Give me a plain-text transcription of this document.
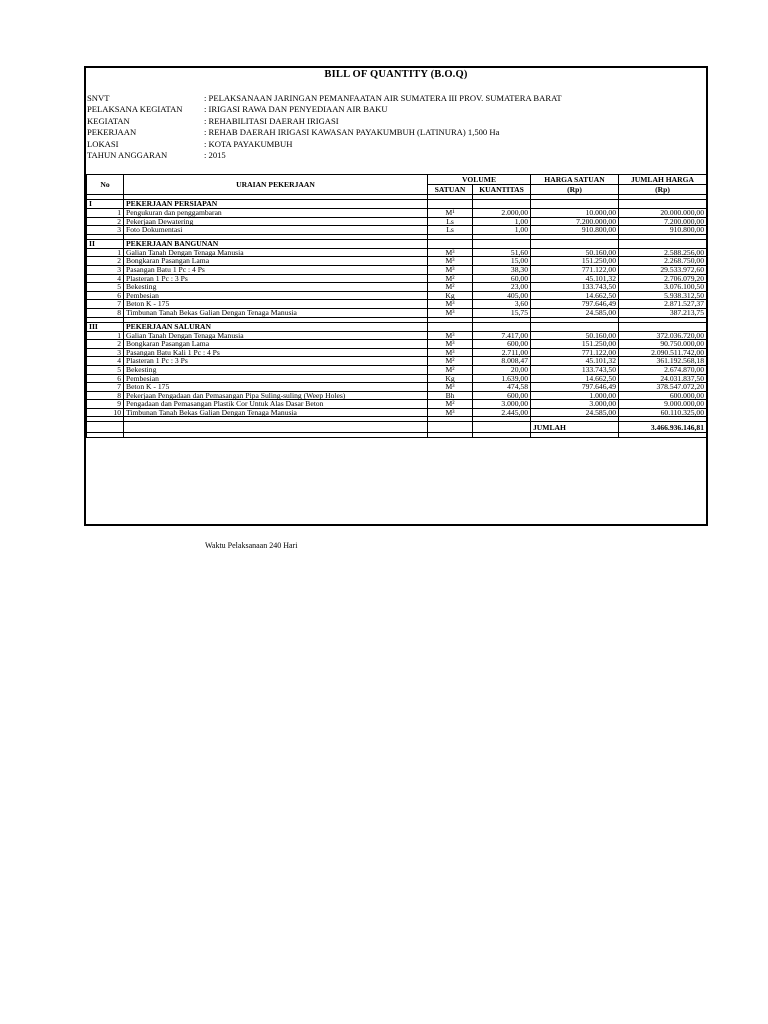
BILL OF QUANTITY (B.O.Q)
SNVT	: PELAKSANAAN JARINGAN PEMANFAATAN AIR SUMATERA III PROV. SUMATERA BARAT
PELAKSANA KEGIATAN : IRIGASI RAWA DAN PENYEDIAAN AIR BAKU
KEGIATAN	: REHABILITASI DAERAH IRIGASI
PEKERJAAN	: REHAB DAERAH IRIGASI KAWASAN PAYAKUMBUH (LATINURA) 1,500 Ha
LOKASI	: KOTA PAYAKUMBUH
TAHUN ANGGARAN	: 2015
No	URAIAN PEKERJAAN	VOLUME		HARGA SATUAN	JUMLAH HARGA
		SATUAN	KUANTITAS	(Rp)	(Rp)

I	PEKERJAAN PERSIAPAN				
1	Pengukuran dan penggambaran	M¹	2.000,00	10.000,00	20.000.000,00
2	Pekerjaan Dewatering	Ls	1,00	7.200.000,00	7.200.000,00
3	Foto Dokumentasi	Ls	1,00	910.800,00	910.800,00

II	PEKERJAAN BANGUNAN				
1	Galian Tanah Dengan Tenaga Manusia	M³	51,60	50.160,00	2.588.256,00
2	Bongkaran Pasangan Lama	M³	15,00	151.250,00	2.268.750,00
3	Pasangan Batu 1 Pc : 4 Ps	M³	38,30	771.122,00	29.533.972,60
4	Plasteran 1 Pc : 3 Ps	M²	60,00	45.101,32	2.706.079,20
5	Bekesting	M²	23,00	133.743,50	3.076.100,50
6	Pembesian	Kg	405,00	14.662,50	5.938.312,50
7	Beton K - 175	M³	3,60	797.646,49	2.871.527,37
8	Timbunan Tanah Bekas Galian Dengan Tenaga Manusia	M³	15,75	24.585,00	387.213,75

III	PEKERJAAN SALURAN				
1	Galian Tanah Dengan Tenaga Manusia	M³	7.417,00	50.160,00	372.036.720,00
2	Bongkaran Pasangan Lama	M³	600,00	151.250,00	90.750.000,00
3	Pasangan Batu Kali 1 Pc : 4 Ps	M³	2.711,00	771.122,00	2.090.511.742,00
4	Plasteran 1 Pc : 3 Ps	M²	8.008,47	45.101,32	361.192.568,18
5	Bekesting	M²	20,00	133.743,50	2.674.870,00
6	Pembesian	Kg	1.639,00	14.662,50	24.031.837,50
7	Beton K - 175	M³	474,58	797.646,49	378.547.072,20
8	Pekerjaan Pengadaan dan Pemasangan Pipa Suling-suling (Weep Holes)	Bh	600,00	1.000,00	600.000,00
9	Pengadaan dan Pemasangan Plastik Cor Untuk Alas Dasar Beton	M²	3.000,00	3.000,00	9.000.000,00
10	Timbunan Tanah Bekas Galian Dengan Tenaga Manusia	M³	2.445,00	24.585,00	60.110.325,00

				JUMLAH	3.466.936.146,81

Waktu Pelaksanaan 240 Hari
